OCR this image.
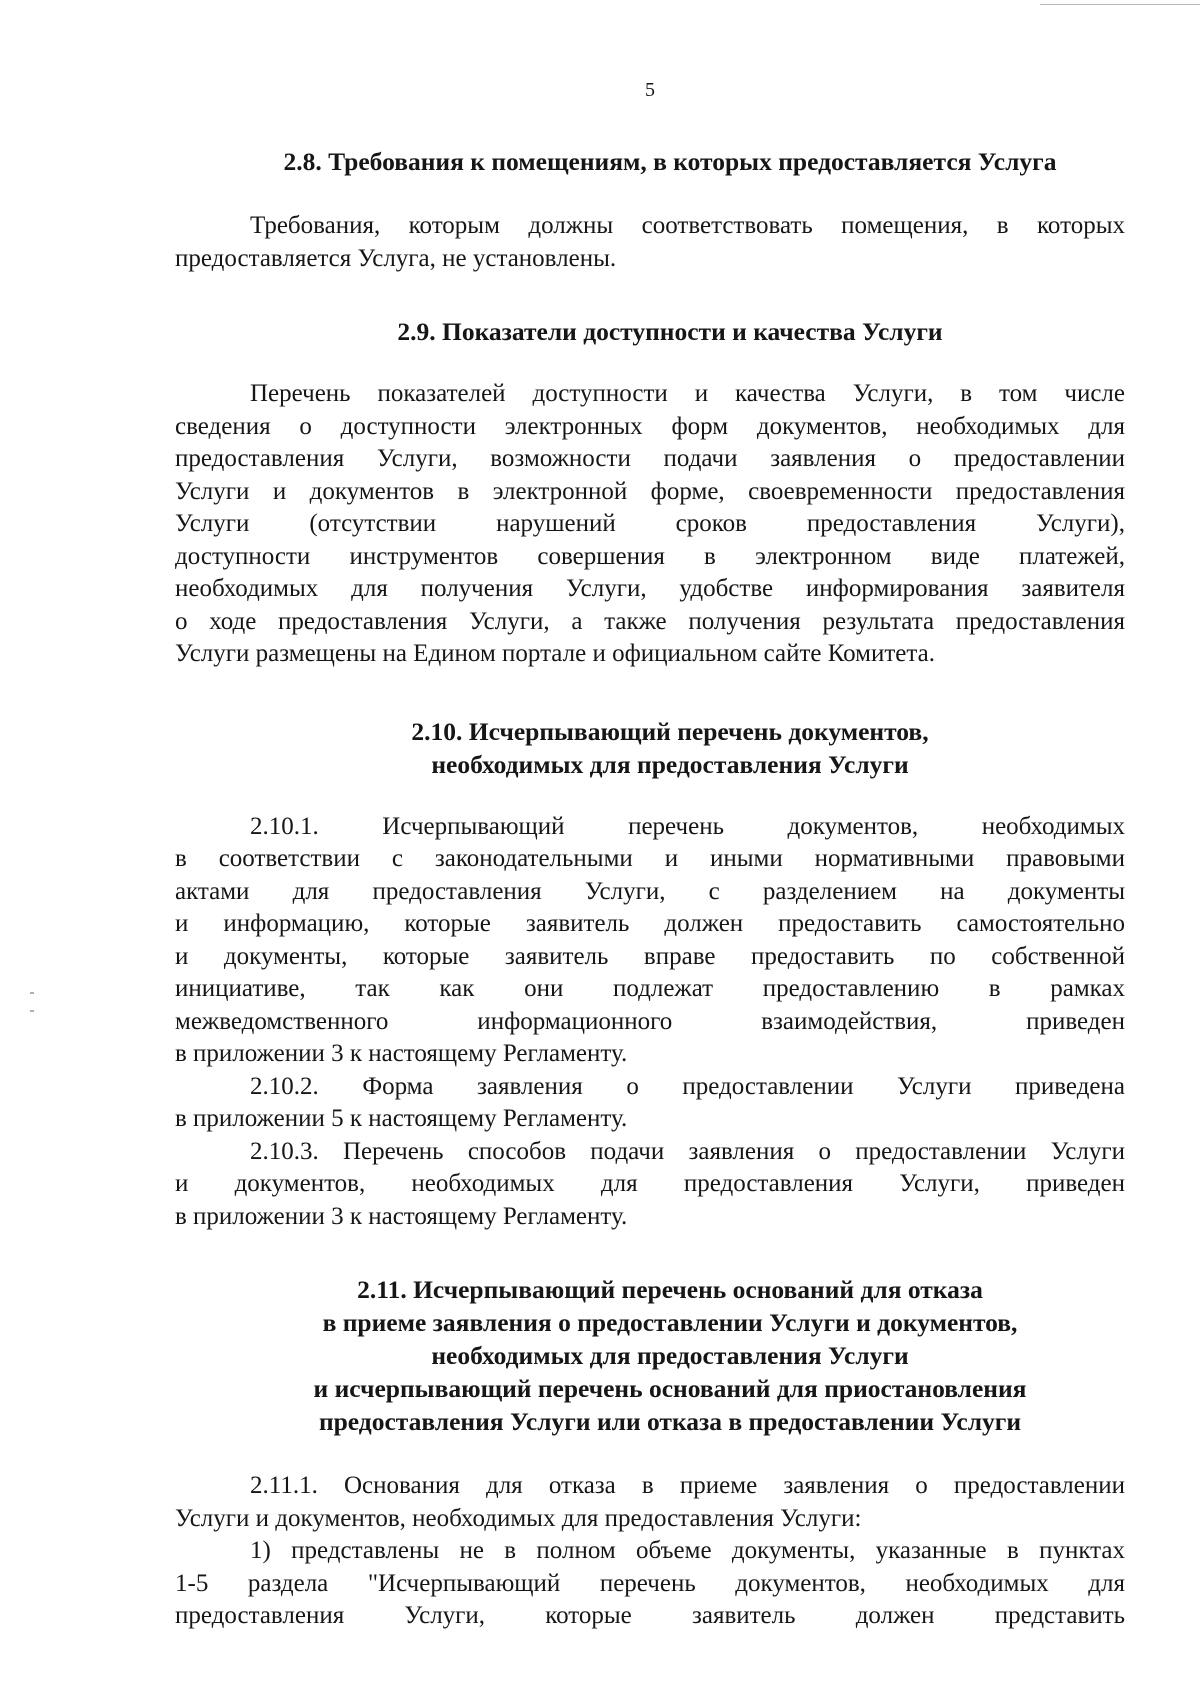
5
2.8. Требования к помещениям, в которых предоставляется Услуга

Требования, которым должны соответствовать помещения, в которых

предоставляется Услуга, не установлены.

2.9. Показатели доступности и качества Услуги

Перечень показателей доступности и качества Услуги, в том числе

сведения о доступности электронных форм документов, необходимых для

предоставления Услуги, возможности подачи заявления о предоставлении

Услуги и документов в электронной форме, своевременности предоставления

Услуги (отсутствии нарушений сроков предоставления Услуги),

доступности инструментов совершения в электронном виде платежей,

необходимых для получения Услуги, удобстве информирования заявителя

о ходе предоставления Услуги, а также получения результата предоставления

Услуги размещены на Едином портале и официальном сайте Комитета.

2.10. Исчерпывающий перечень документов,
необходимых для предоставления Услуги

2.10.1. Исчерпывающий перечень документов, необходимых

в соответствии с законодательными и иными нормативными правовыми

актами для предоставления Услуги, с разделением на документы

и информацию, которые заявитель должен предоставить самостоятельно

и документы, которые заявитель вправе предоставить по собственной

инициативе, так как они подлежат предоставлению в рамках

межведомственного информационного взаимодействия, приведен

в приложении 3 к настоящему Регламенту.

2.10.2. Форма заявления о предоставлении Услуги приведена

в приложении 5 к настоящему Регламенту.

2.10.3. Перечень способов подачи заявления о предоставлении Услуги

и документов, необходимых для предоставления Услуги, приведен

в приложении 3 к настоящему Регламенту.

2.11. Исчерпывающий перечень оснований для отказа
в приеме заявления о предоставлении Услуги и документов,
необходимых для предоставления Услуги
и исчерпывающий перечень оснований для приостановления
предоставления Услуги или отказа в предоставлении Услуги

2.11.1. Основания для отказа в приеме заявления о предоставлении

Услуги и документов, необходимых для предоставления Услуги:

1) представлены не в полном объеме документы, указанные в пунктах

1-5 раздела "Исчерпывающий перечень документов, необходимых для

предоставления Услуги, которые заявитель должен представить
